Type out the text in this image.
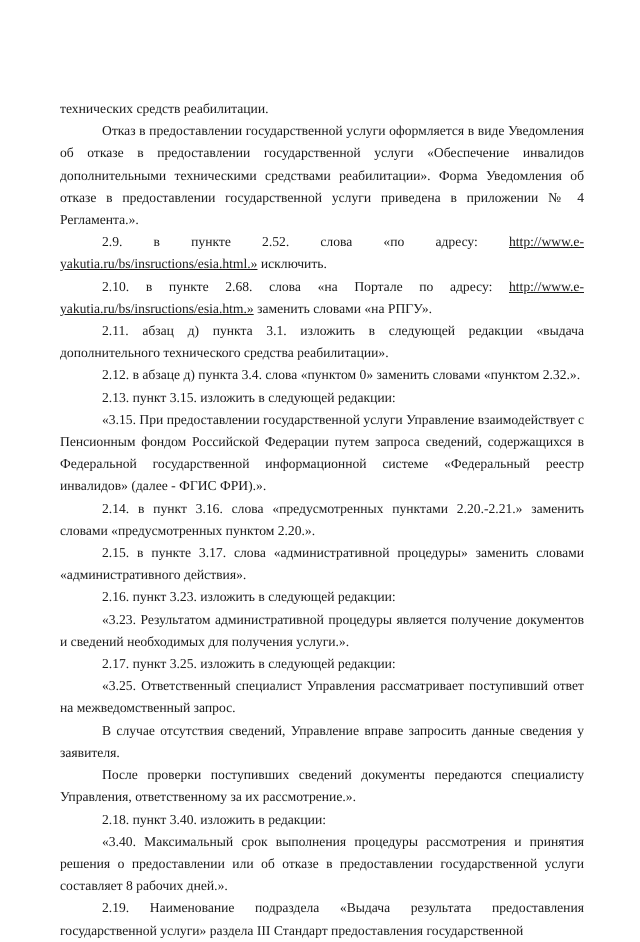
технических средств реабилитации.

Отказ в предоставлении государственной услуги оформляется в виде Уведомления об отказе в предоставлении государственной услуги «Обеспечение инвалидов дополнительными техническими средствами реабилитации». Форма Уведомления об отказе в предоставлении государственной услуги приведена в приложении № 4 Регламента.».

2.9. в пункте 2.52. слова «по адресу: http://www.e-yakutia.ru/bs/insructions/esia.html.» исключить.

2.10. в пункте 2.68. слова «на Портале по адресу: http://www.e-yakutia.ru/bs/insructions/esia.htm.» заменить словами «на РПГУ».

2.11. абзац д) пункта 3.1. изложить в следующей редакции «выдача дополнительного технического средства реабилитации».

2.12. в абзаце д) пункта 3.4. слова «пунктом 0» заменить словами «пунктом 2.32.».

2.13. пункт 3.15. изложить в следующей редакции:

«3.15. При предоставлении государственной услуги Управление взаимодействует с Пенсионным фондом Российской Федерации путем запроса сведений, содержащихся в Федеральной государственной информационной системе «Федеральный реестр инвалидов» (далее - ФГИС ФРИ).».

2.14. в пункт 3.16. слова «предусмотренных пунктами 2.20.-2.21.» заменить словами «предусмотренных пунктом 2.20.».

2.15. в пункте 3.17. слова «административной процедуры» заменить словами «административного действия».

2.16. пункт 3.23. изложить в следующей редакции:

«3.23. Результатом административной процедуры является получение документов и сведений необходимых для получения услуги.».

2.17. пункт 3.25. изложить в следующей редакции:

«3.25. Ответственный специалист Управления рассматривает поступивший ответ на межведомственный запрос.

В случае отсутствия сведений, Управление вправе запросить данные сведения у заявителя.

После проверки поступивших сведений документы передаются специалисту Управления, ответственному за их рассмотрение.».

2.18. пункт 3.40. изложить в редакции:

«3.40. Максимальный срок выполнения процедуры рассмотрения и принятия решения о предоставлении или об отказе в предоставлении государственной услуги составляет 8 рабочих дней.».

2.19. Наименование подраздела «Выдача результата предоставления государственной услуги» раздела III Стандарт предоставления государственной
